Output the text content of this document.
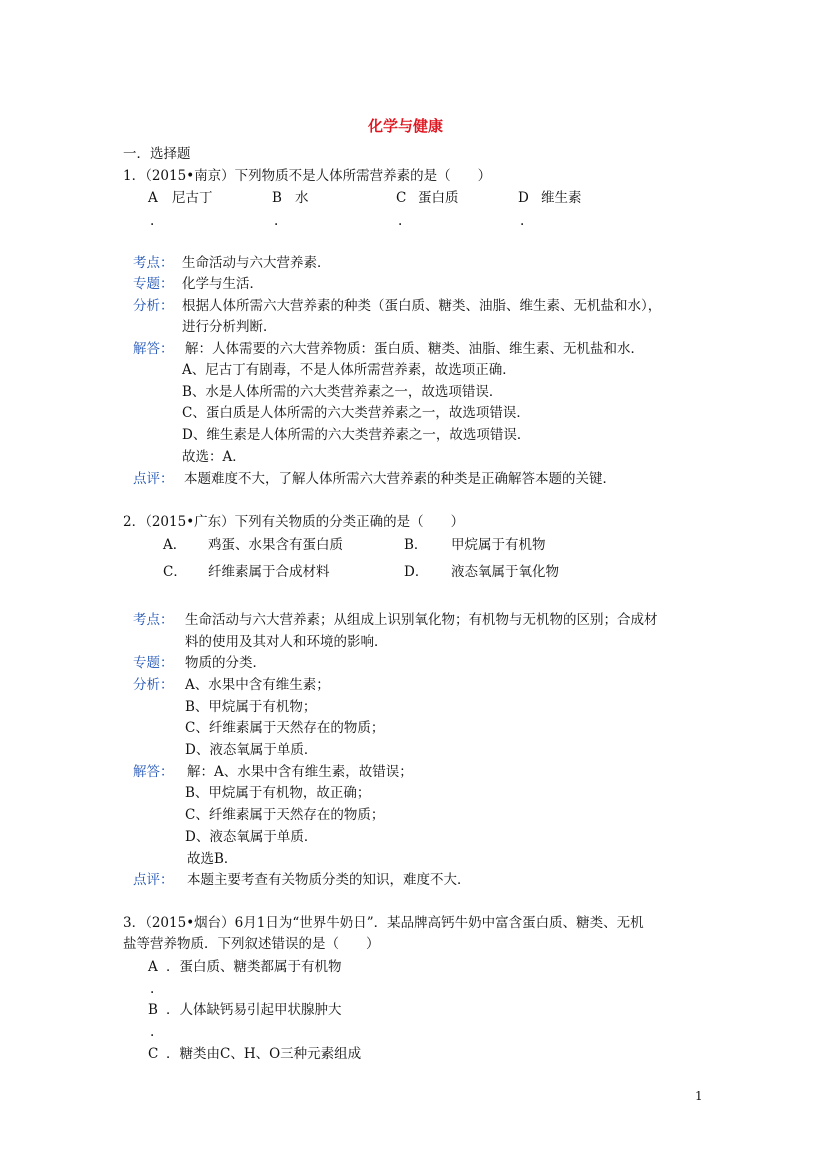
化学与健康
一．选择题
1．（2015•南京）下列物质不是人体所需营养素的是（　　）
A 尼古丁	B 水	C 蛋白质	D 维生素
.	.	.	.
考点： 生命活动与六大营养素．
专题： 化学与生活．
分析： 根据人体所需六大营养素的种类（蛋白质、糖类、油脂、维生素、无机盐和水），
进行分析判断．
解答： 解：人体需要的六大营养物质：蛋白质、糖类、油脂、维生素、无机盐和水．
A、尼古丁有剧毒，不是人体所需营养素，故选项正确．
B、水是人体所需的六大类营养素之一，故选项错误．
C、蛋白质是人体所需的六大类营养素之一，故选项错误．
D、维生素是人体所需的六大类营养素之一，故选项错误．
故选：A．
点评： 本题难度不大，了解人体所需六大营养素的种类是正确解答本题的关键．
2．（2015•广东）下列有关物质的分类正确的是（　　）
A． 鸡蛋、水果含有蛋白质	B． 甲烷属于有机物
C． 纤维素属于合成材料	D． 液态氧属于氧化物
考点： 生命活动与六大营养素；从组成上识别氧化物；有机物与无机物的区别；合成材
料的使用及其对人和环境的影响．
专题： 物质的分类．
分析： A、水果中含有维生素；
B、甲烷属于有机物；
C、纤维素属于天然存在的物质；
D、液态氧属于单质．
解答： 解：A、水果中含有维生素，故错误；
B、甲烷属于有机物，故正确；
C、纤维素属于天然存在的物质；
D、液态氧属于单质．
故选B．
点评： 本题主要考查有关物质分类的知识，难度不大．
3．（2015•烟台）6月1日为“世界牛奶日”．某品牌高钙牛奶中富含蛋白质、糖类、无机
盐等营养物质．下列叙述错误的是（　　）
A ．蛋白质、糖类都属于有机物
.
B ．人体缺钙易引起甲状腺肿大
.
C ．糖类由C、H、O三种元素组成
1
